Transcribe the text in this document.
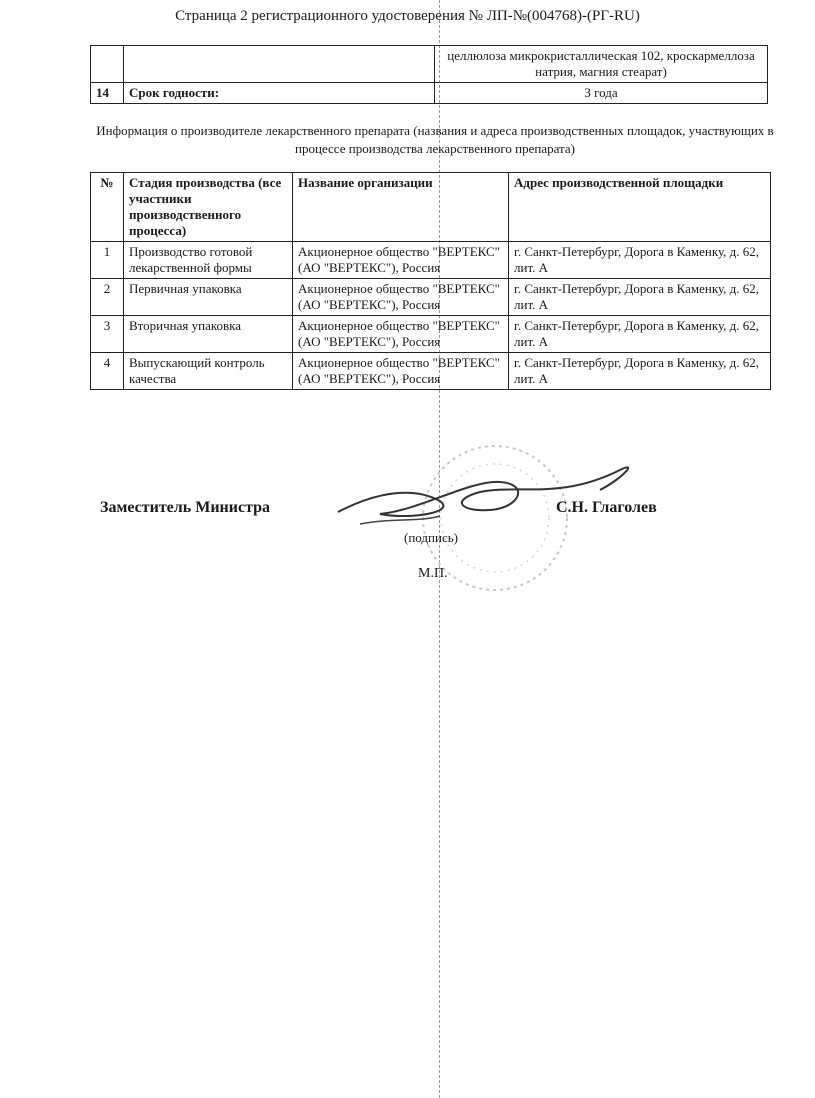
Страница 2 регистрационного удостоверения № ЛП-№(004768)-(РГ-RU)
		целлюлоза микрокристаллическая 102, кроскармеллоза натрия, магния стеарат)
14	Срок годности:	3 года
Информация о производителе лекарственного препарата (названия и адреса производственных площадок, участвующих в процессе производства лекарственного препарата)
№	Стадия производства (все участники производственного процесса)	Название организации	Адрес производственной площадки
1	Производство готовой лекарственной формы	Акционерное общество "ВЕРТЕКС" (АО "ВЕРТЕКС"), Россия	г. Санкт-Петербург, Дорога в Каменку, д. 62, лит. А
2	Первичная упаковка	Акционерное общество "ВЕРТЕКС" (АО "ВЕРТЕКС"), Россия	г. Санкт-Петербург, Дорога в Каменку, д. 62, лит. А
3	Вторичная упаковка	Акционерное общество "ВЕРТЕКС" (АО "ВЕРТЕКС"), Россия	г. Санкт-Петербург, Дорога в Каменку, д. 62, лит. А
4	Выпускающий контроль качества	Акционерное общество "ВЕРТЕКС" (АО "ВЕРТЕКС"), Россия	г. Санкт-Петербург, Дорога в Каменку, д. 62, лит. А
Заместитель Министра	С.Н. Глаголев
(подпись)
М.П.
